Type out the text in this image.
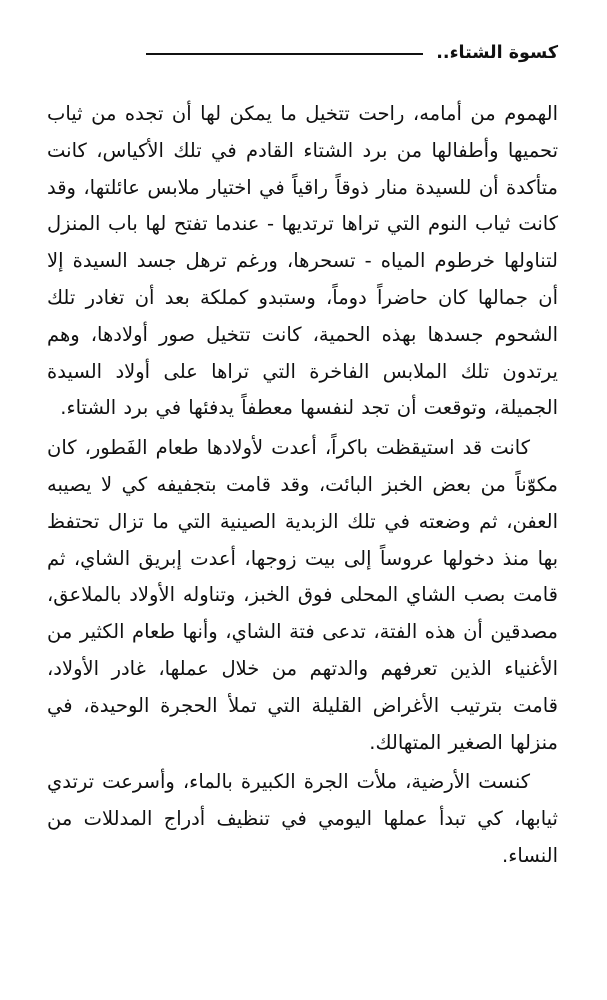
كسوة الشتاء..

الهموم من أمامه، راحت تتخيل ما يمكن لها أن تجده من ثياب تحميها وأطفالها من برد الشتاء القادم في تلك الأكياس، كانت متأكدة أن للسيدة منار ذوقاً راقياً في اختيار ملابس عائلتها، وقد كانت ثياب النوم التي تراها ترتديها - عندما تفتح لها باب المنزل لتناولها خرطوم المياه - تسحرها، ورغم ترهل جسد السيدة إلا أن جمالها كان حاضراً دوماً، وستبدو كملكة بعد أن تغادر تلك الشحوم جسدها بهذه الحمية، كانت تتخيل صور أولادها، وهم يرتدون تلك الملابس الفاخرة التي تراها على أولاد السيدة الجميلة، وتوقعت أن تجد لنفسها معطفاً يدفئها في برد الشتاء.

كانت قد استيقظت باكراً، أعدت لأولادها طعام الفَطور، كان مكوّناً من بعض الخبز البائت، وقد قامت بتجفيفه كي لا يصيبه العفن، ثم وضعته في تلك الزبدية الصينية التي ما تزال تحتفظ بها منذ دخولها عروساً إلى بيت زوجها، أعدت إبريق الشاي، ثم قامت بصب الشاي المحلى فوق الخبز، وتناوله الأولاد بالملاعق، مصدقين أن هذه الفتة، تدعى فتة الشاي، وأنها طعام الكثير من الأغنياء الذين تعرفهم والدتهم من خلال عملها، غادر الأولاد، قامت بترتيب الأغراض القليلة التي تملأ الحجرة الوحيدة، في منزلها الصغير المتهالك.

كنست الأرضية، ملأت الجرة الكبيرة بالماء، وأسرعت ترتدي ثيابها، كي تبدأ عملها اليومي في تنظيف أدراج المدللات من النساء.
